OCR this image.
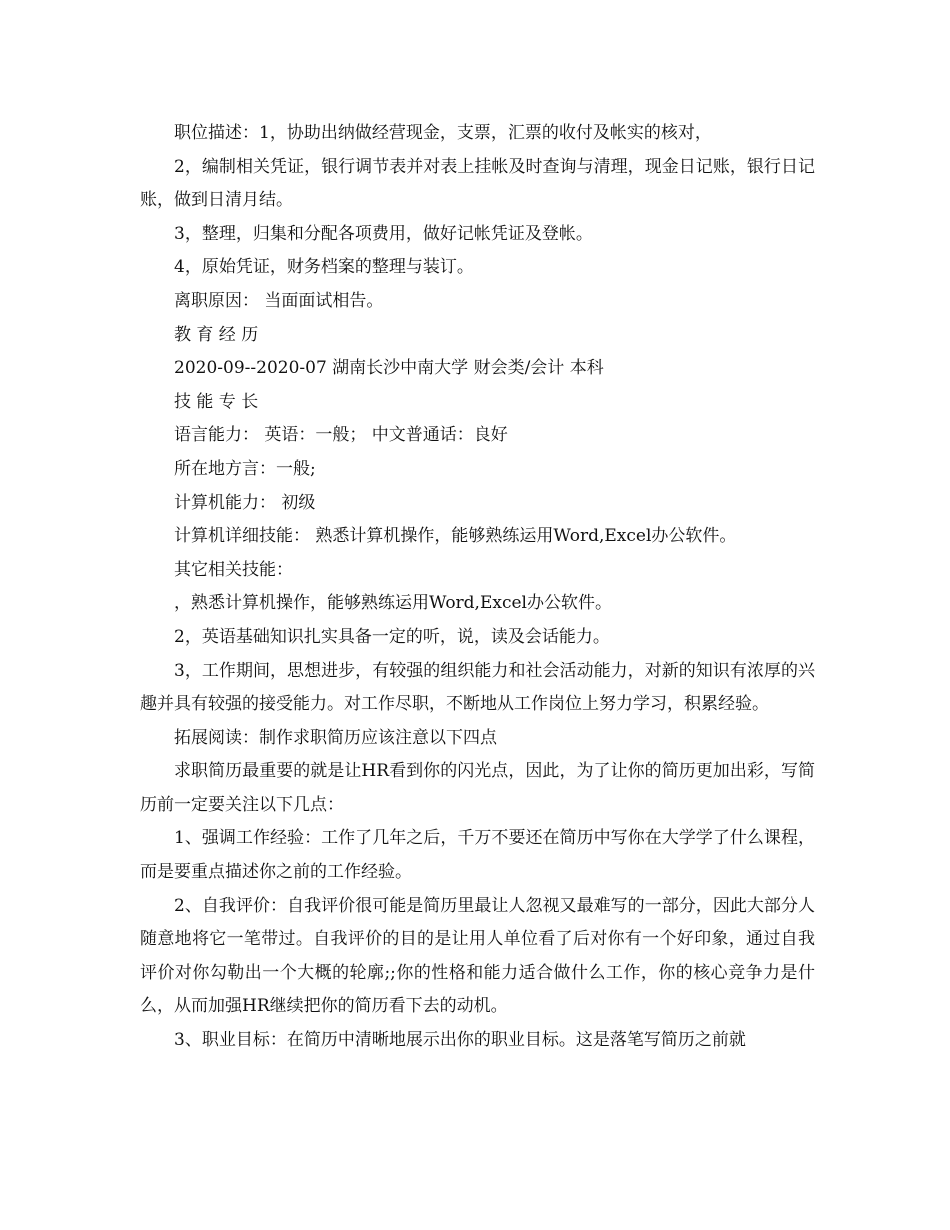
职位描述：1，协助出纳做经营现金，支票，汇票的收付及帐实的核对，

2，编制相关凭证，银行调节表并对表上挂帐及时查询与清理，现金日记账，银行日记账，做到日清月结。

3，整理，归集和分配各项费用，做好记帐凭证及登帐。

4，原始凭证，财务档案的整理与装订。

离职原因： 当面面试相告。

教 育 经 历

2020-09--2020-07 湖南长沙中南大学 财会类/会计 本科

技 能 专 长

语言能力： 英语：一般； 中文普通话：良好

所在地方言：一般;

计算机能力： 初级

计算机详细技能： 熟悉计算机操作，能够熟练运用Word,Excel办公软件。

其它相关技能：

，熟悉计算机操作，能够熟练运用Word,Excel办公软件。

2，英语基础知识扎实具备一定的听，说，读及会话能力。

3，工作期间，思想进步，有较强的组织能力和社会活动能力，对新的知识有浓厚的兴趣并具有较强的接受能力。对工作尽职，不断地从工作岗位上努力学习，积累经验。

拓展阅读：制作求职简历应该注意以下四点

求职简历最重要的就是让HR看到你的闪光点，因此，为了让你的简历更加出彩，写简历前一定要关注以下几点：

1、强调工作经验：工作了几年之后，千万不要还在简历中写你在大学学了什么课程，而是要重点描述你之前的工作经验。

2、自我评价：自我评价很可能是简历里最让人忽视又最难写的一部分，因此大部分人随意地将它一笔带过。自我评价的目的是让用人单位看了后对你有一个好印象，通过自我评价对你勾勒出一个大概的轮廓;;你的性格和能力适合做什么工作，你的核心竞争力是什么，从而加强HR继续把你的简历看下去的动机。

3、职业目标：在简历中清晰地展示出你的职业目标。这是落笔写简历之前就
